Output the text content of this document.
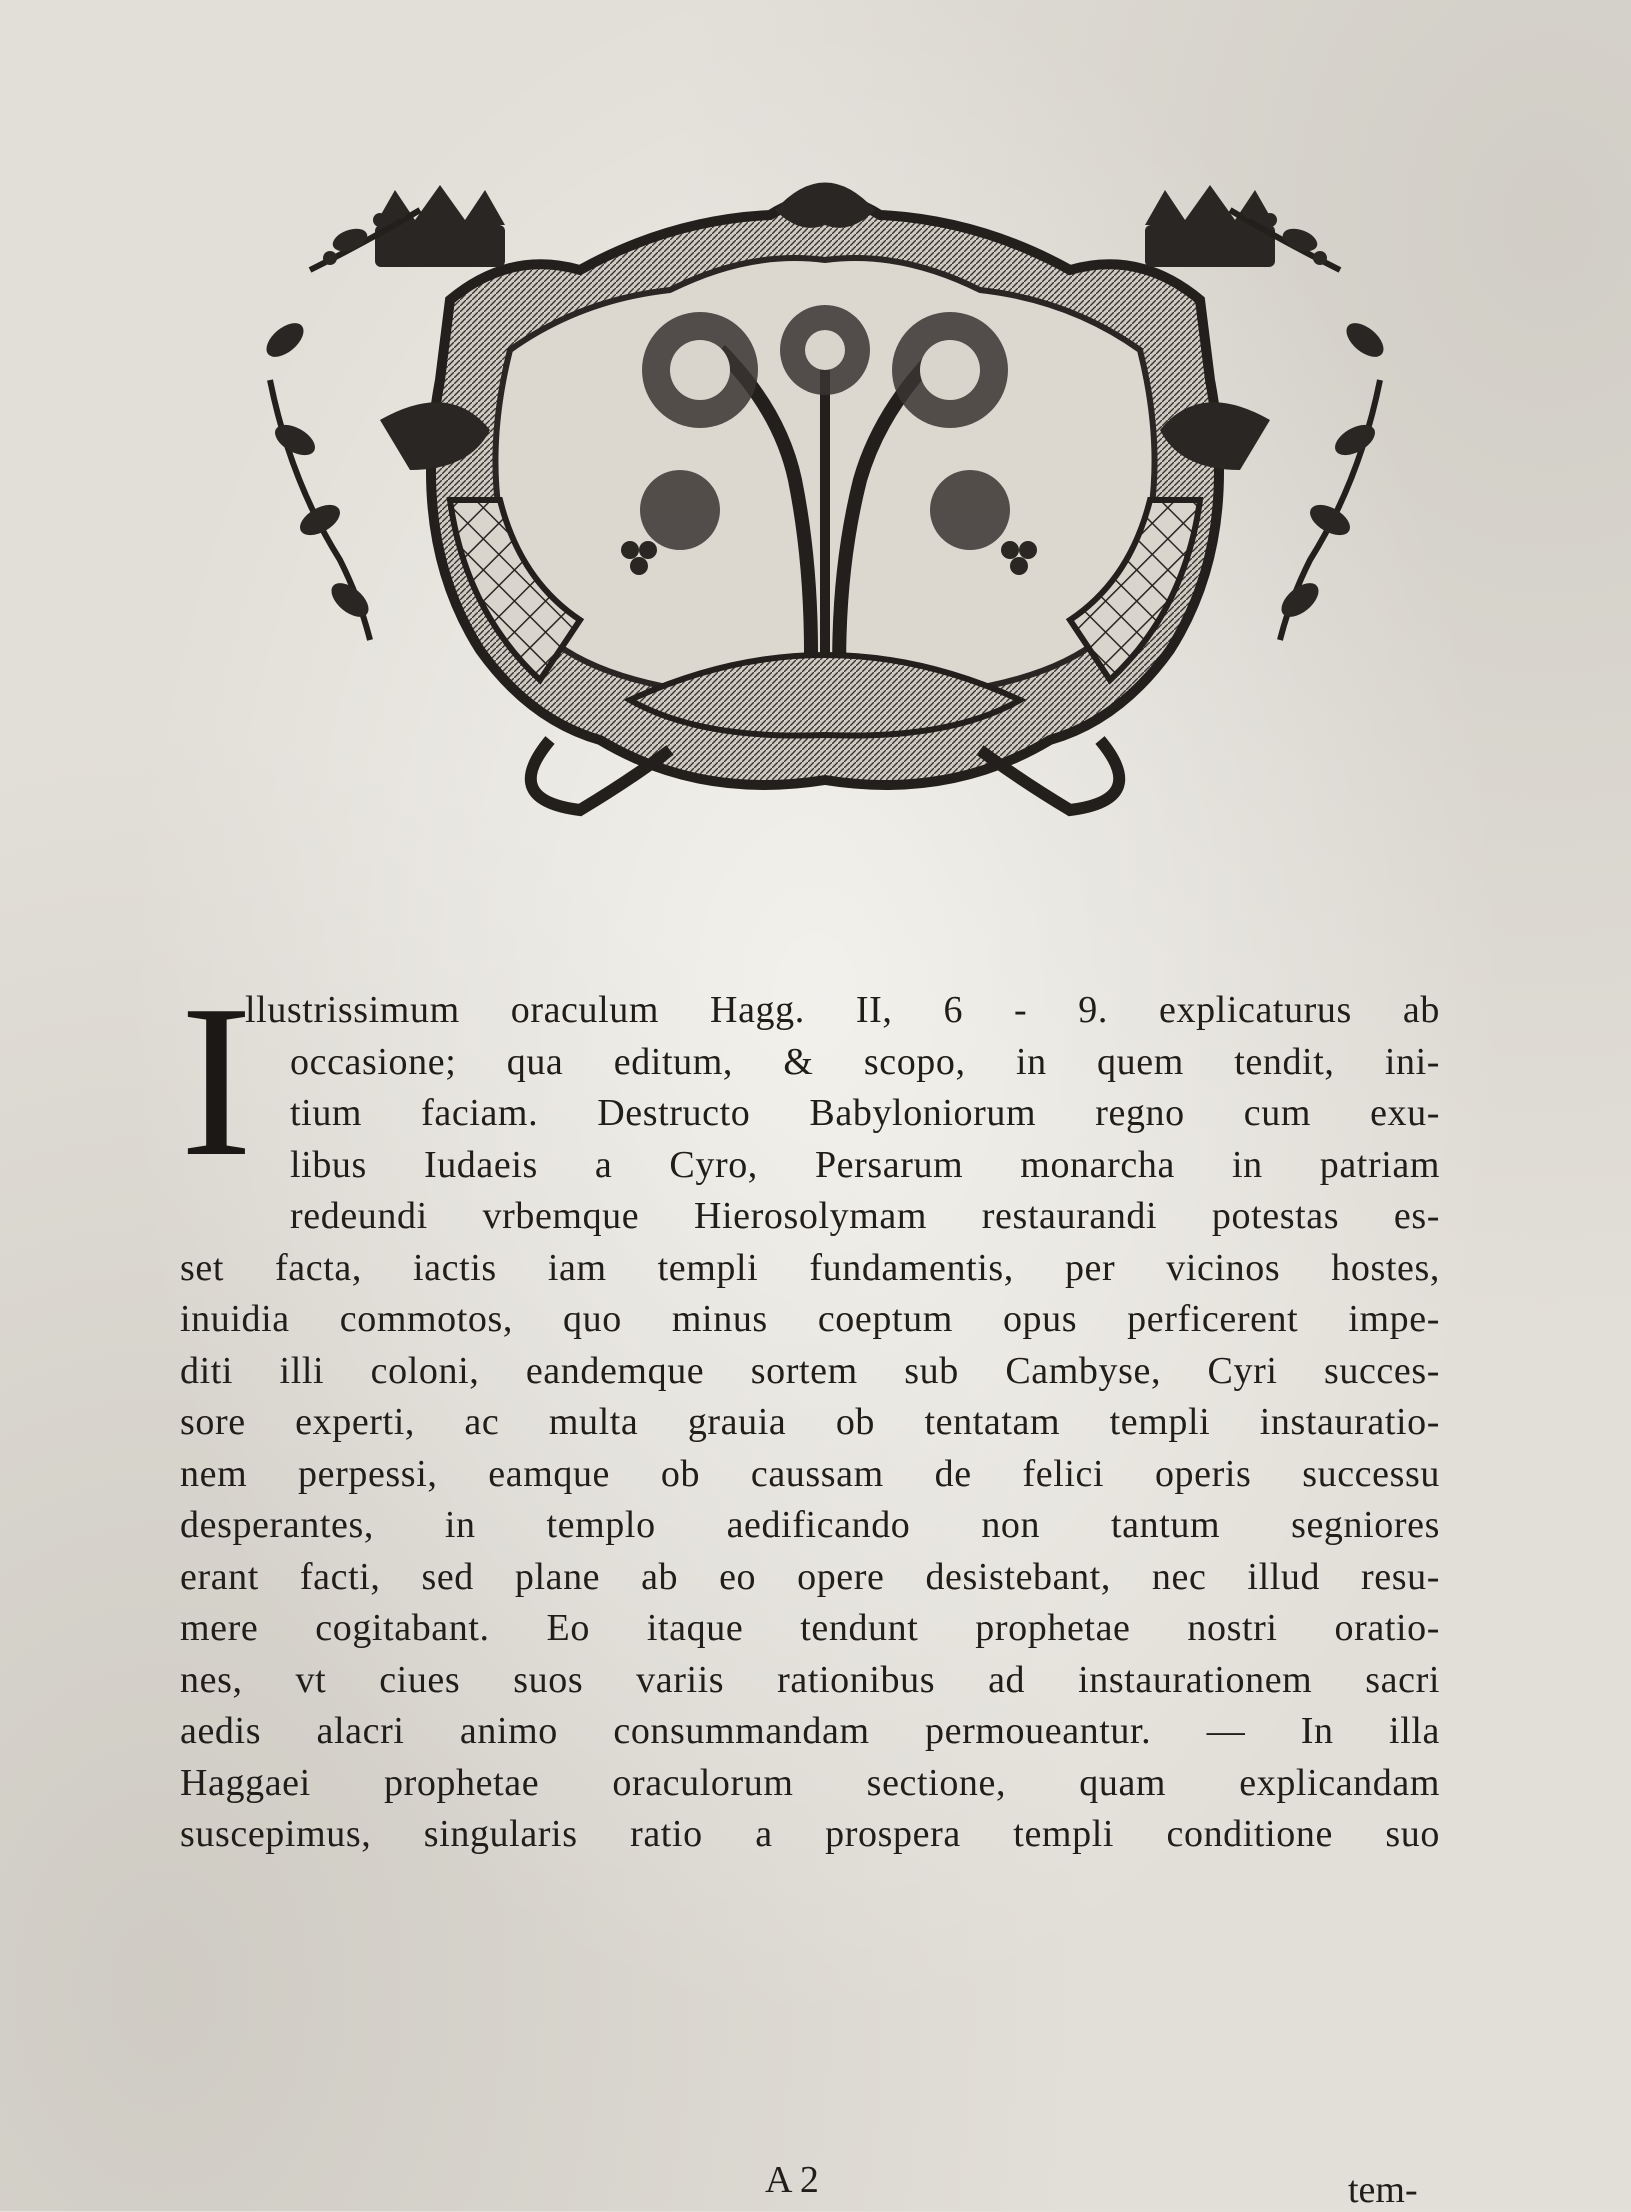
I
llustrissimum oraculum Hagg. II, 6 - 9. explicaturus ab
occasione; qua editum, & scopo, in quem tendit, ini-
tium faciam. Destructo Babyloniorum regno cum exu-
libus Iudaeis a Cyro, Persarum monarcha in patriam
redeundi vrbemque Hierosolymam restaurandi potestas es-
set facta, iactis iam templi fundamentis, per vicinos hostes,
inuidia commotos, quo minus coeptum opus perficerent impe-
diti illi coloni, eandemque sortem sub Cambyse, Cyri succes-
sore experti, ac multa grauia ob tentatam templi instauratio-
nem perpessi, eamque ob caussam de felici operis successu
desperantes, in templo aedificando non tantum segniores
erant facti, sed plane ab eo opere desistebant, nec illud resu-
mere cogitabant. Eo itaque tendunt prophetae nostri oratio-
nes, vt ciues suos variis rationibus ad instaurationem sacri
aedis alacri animo consummandam permoueantur. — In illa
Haggaei prophetae oraculorum sectione, quam explicandam
suscepimus, singularis ratio a prospera templi conditione suo
A 2	tem-
